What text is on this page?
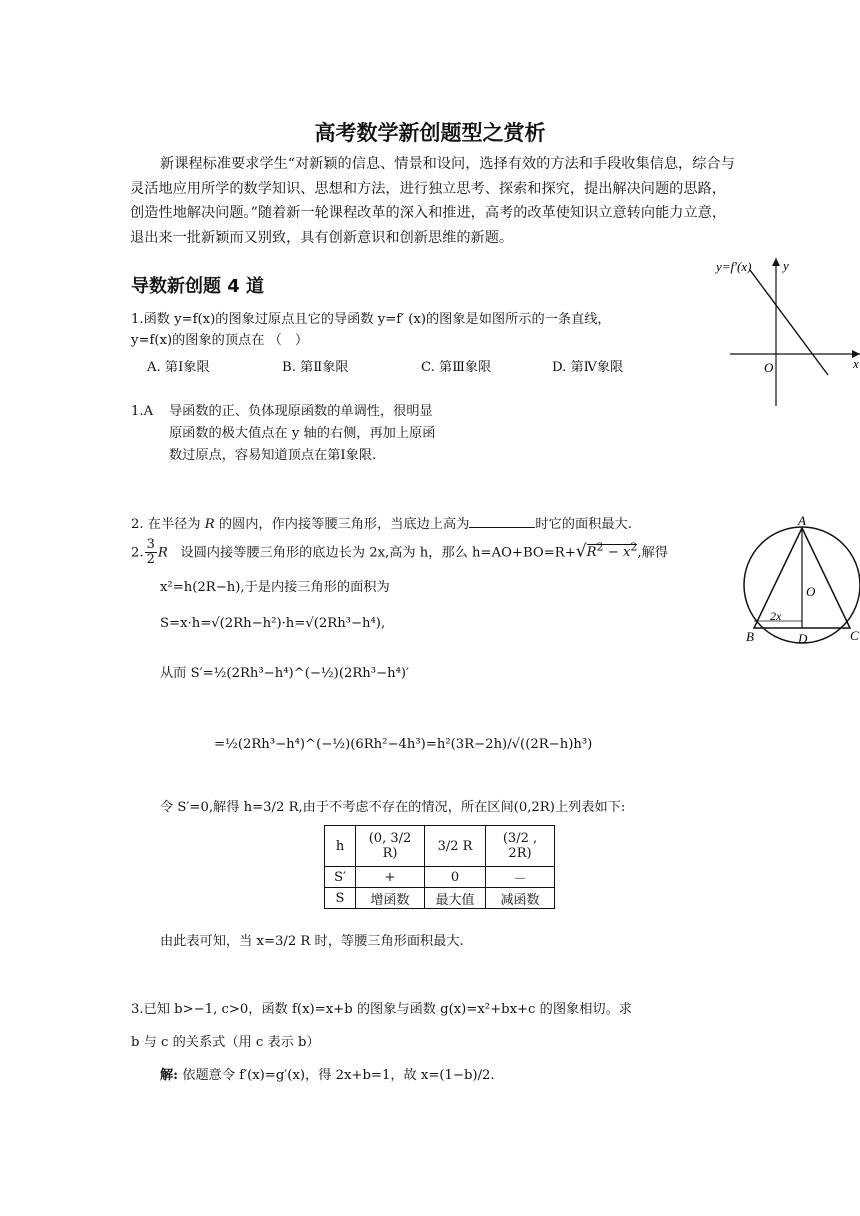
高考数学新创题型之赏析
新课程标准要求学生“对新颖的信息、情景和设问，选择有效的方法和手段收集信息，综合与灵活地应用所学的数学知识、思想和方法，进行独立思考、探索和探究，提出解决问题的思路，创造性地解决问题。”随着新一轮课程改革的深入和推进，高考的改革使知识立意转向能力立意，退出来一批新颖而又别致，具有创新意识和创新思维的新题。
导数新创题 4 道
1.函数 y=f(x)的图象过原点且它的导函数 y=f′ (x)的图象是如图所示的一条直线，
y=f(x)的图象的顶点在 （　）
A. 第Ⅰ象限	B. 第Ⅱ象限	C. 第Ⅲ象限	D. 第Ⅳ象限
1.A 导函数的正、负体现原函数的单调性，很明显
原函数的极大值点在 y 轴的右侧，再加上原函
数过原点，容易知道顶点在第Ⅰ象限.
y=f′(x) y
x
O
2. 在半径为 R 的圆内，作内接等腰三角形，当底边上高为	时它的面积最大.
2. $\frac{3}{2}$ R 设圆内接等腰三角形的底边长为 2x,高为 h，那么 $h=AO+BO=R+√R^2 - x^2$,解得
x²=h(2R−h),于是内接三角形的面积为
S=x·h=√(2Rh−h²)·h=√(2Rh³−h⁴),
从而 S′=½(2Rh³−h⁴)^(−½)(2Rh³−h⁴)′
=½(2Rh³−h⁴)^(−½)(6Rh²−4h³)=h²(3R−2h)/√((2R−h)h³)
令 S′=0,解得 h=3/2 R,由于不考虑不存在的情况，所在区间(0,2R)上列表如下:
h	(0, 3/2 R)	3/2 R	(3/2 , 2R)
S′	+	0	－
S	增函数	最大值	减函数
由此表可知，当 x=3/2 R 时，等腰三角形面积最大.
A
B	C
D
O
2x
3.已知 b>−1, c>0，函数 f(x)=x+b 的图象与函数 g(x)=x²+bx+c 的图象相切。求
b 与 c 的关系式（用 c 表示 b）
解: 依题意令 f′(x)=g′(x)，得 2x+b=1，故 x=(1−b)/2.
